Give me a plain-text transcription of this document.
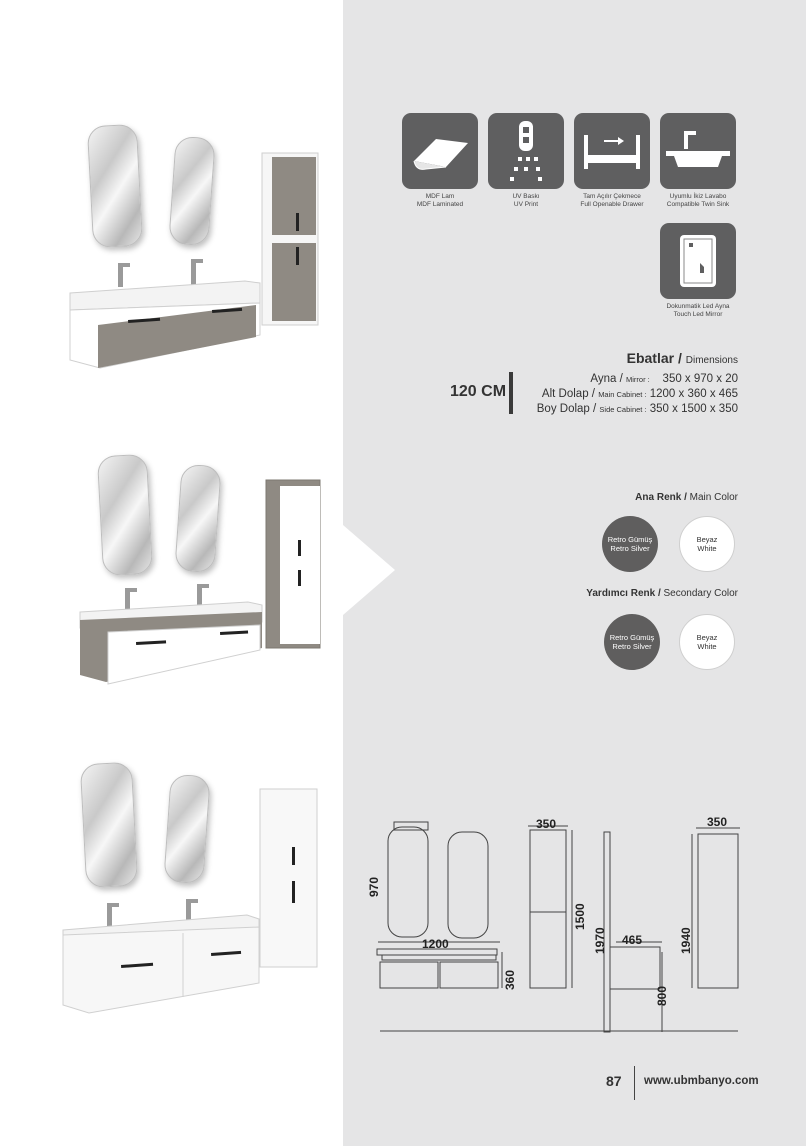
MDF Lam
MDF Laminated
UV Baskı
UV Print
Tam Açılır Çekmece
Full Openable Drawer
Uyumlu İkiz Lavabo
Compatible Twin Sink
Dokunmatik Led Ayna
Touch Led Mirror
Ebatlar / Dimensions
120 CM
Ayna / Mirror : 350 x 970 x 20
Alt Dolap / Main Cabinet : 1200 x 360 x 465
Boy Dolap / Side Cabinet : 350 x 1500 x 350
Ana Renk / Main Color
Retro Gümüş
Retro Silver
Beyaz
White
Yardımcı Renk / Secondary Color
Retro Gümüş
Retro Silver
Beyaz
White
970
1200
360
350
1500
1970 465
800
350
1940
87 www.ubmbanyo.com
